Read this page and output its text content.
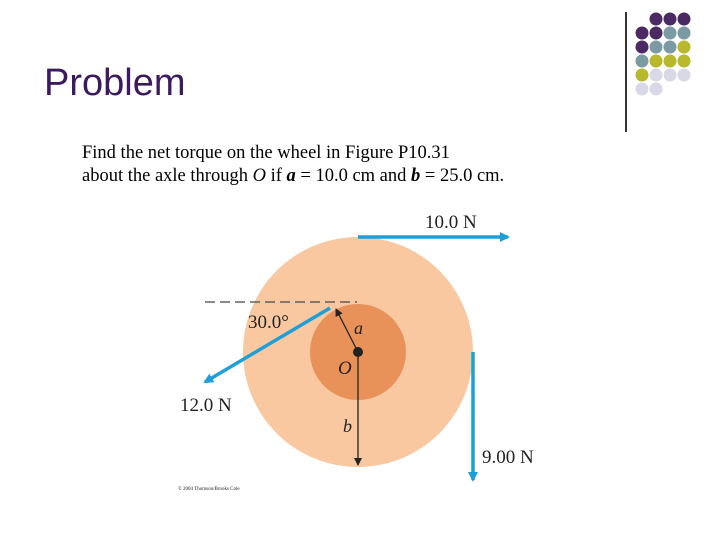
Problem
Find the net torque on the wheel in Figure P10.31
about the axle through O if a = 10.0 cm and b = 25.0 cm.
10.0 N
12.0 N
9.00 N
30.0°	a
O
b
© 2004 Thomson/Brooks Cole
